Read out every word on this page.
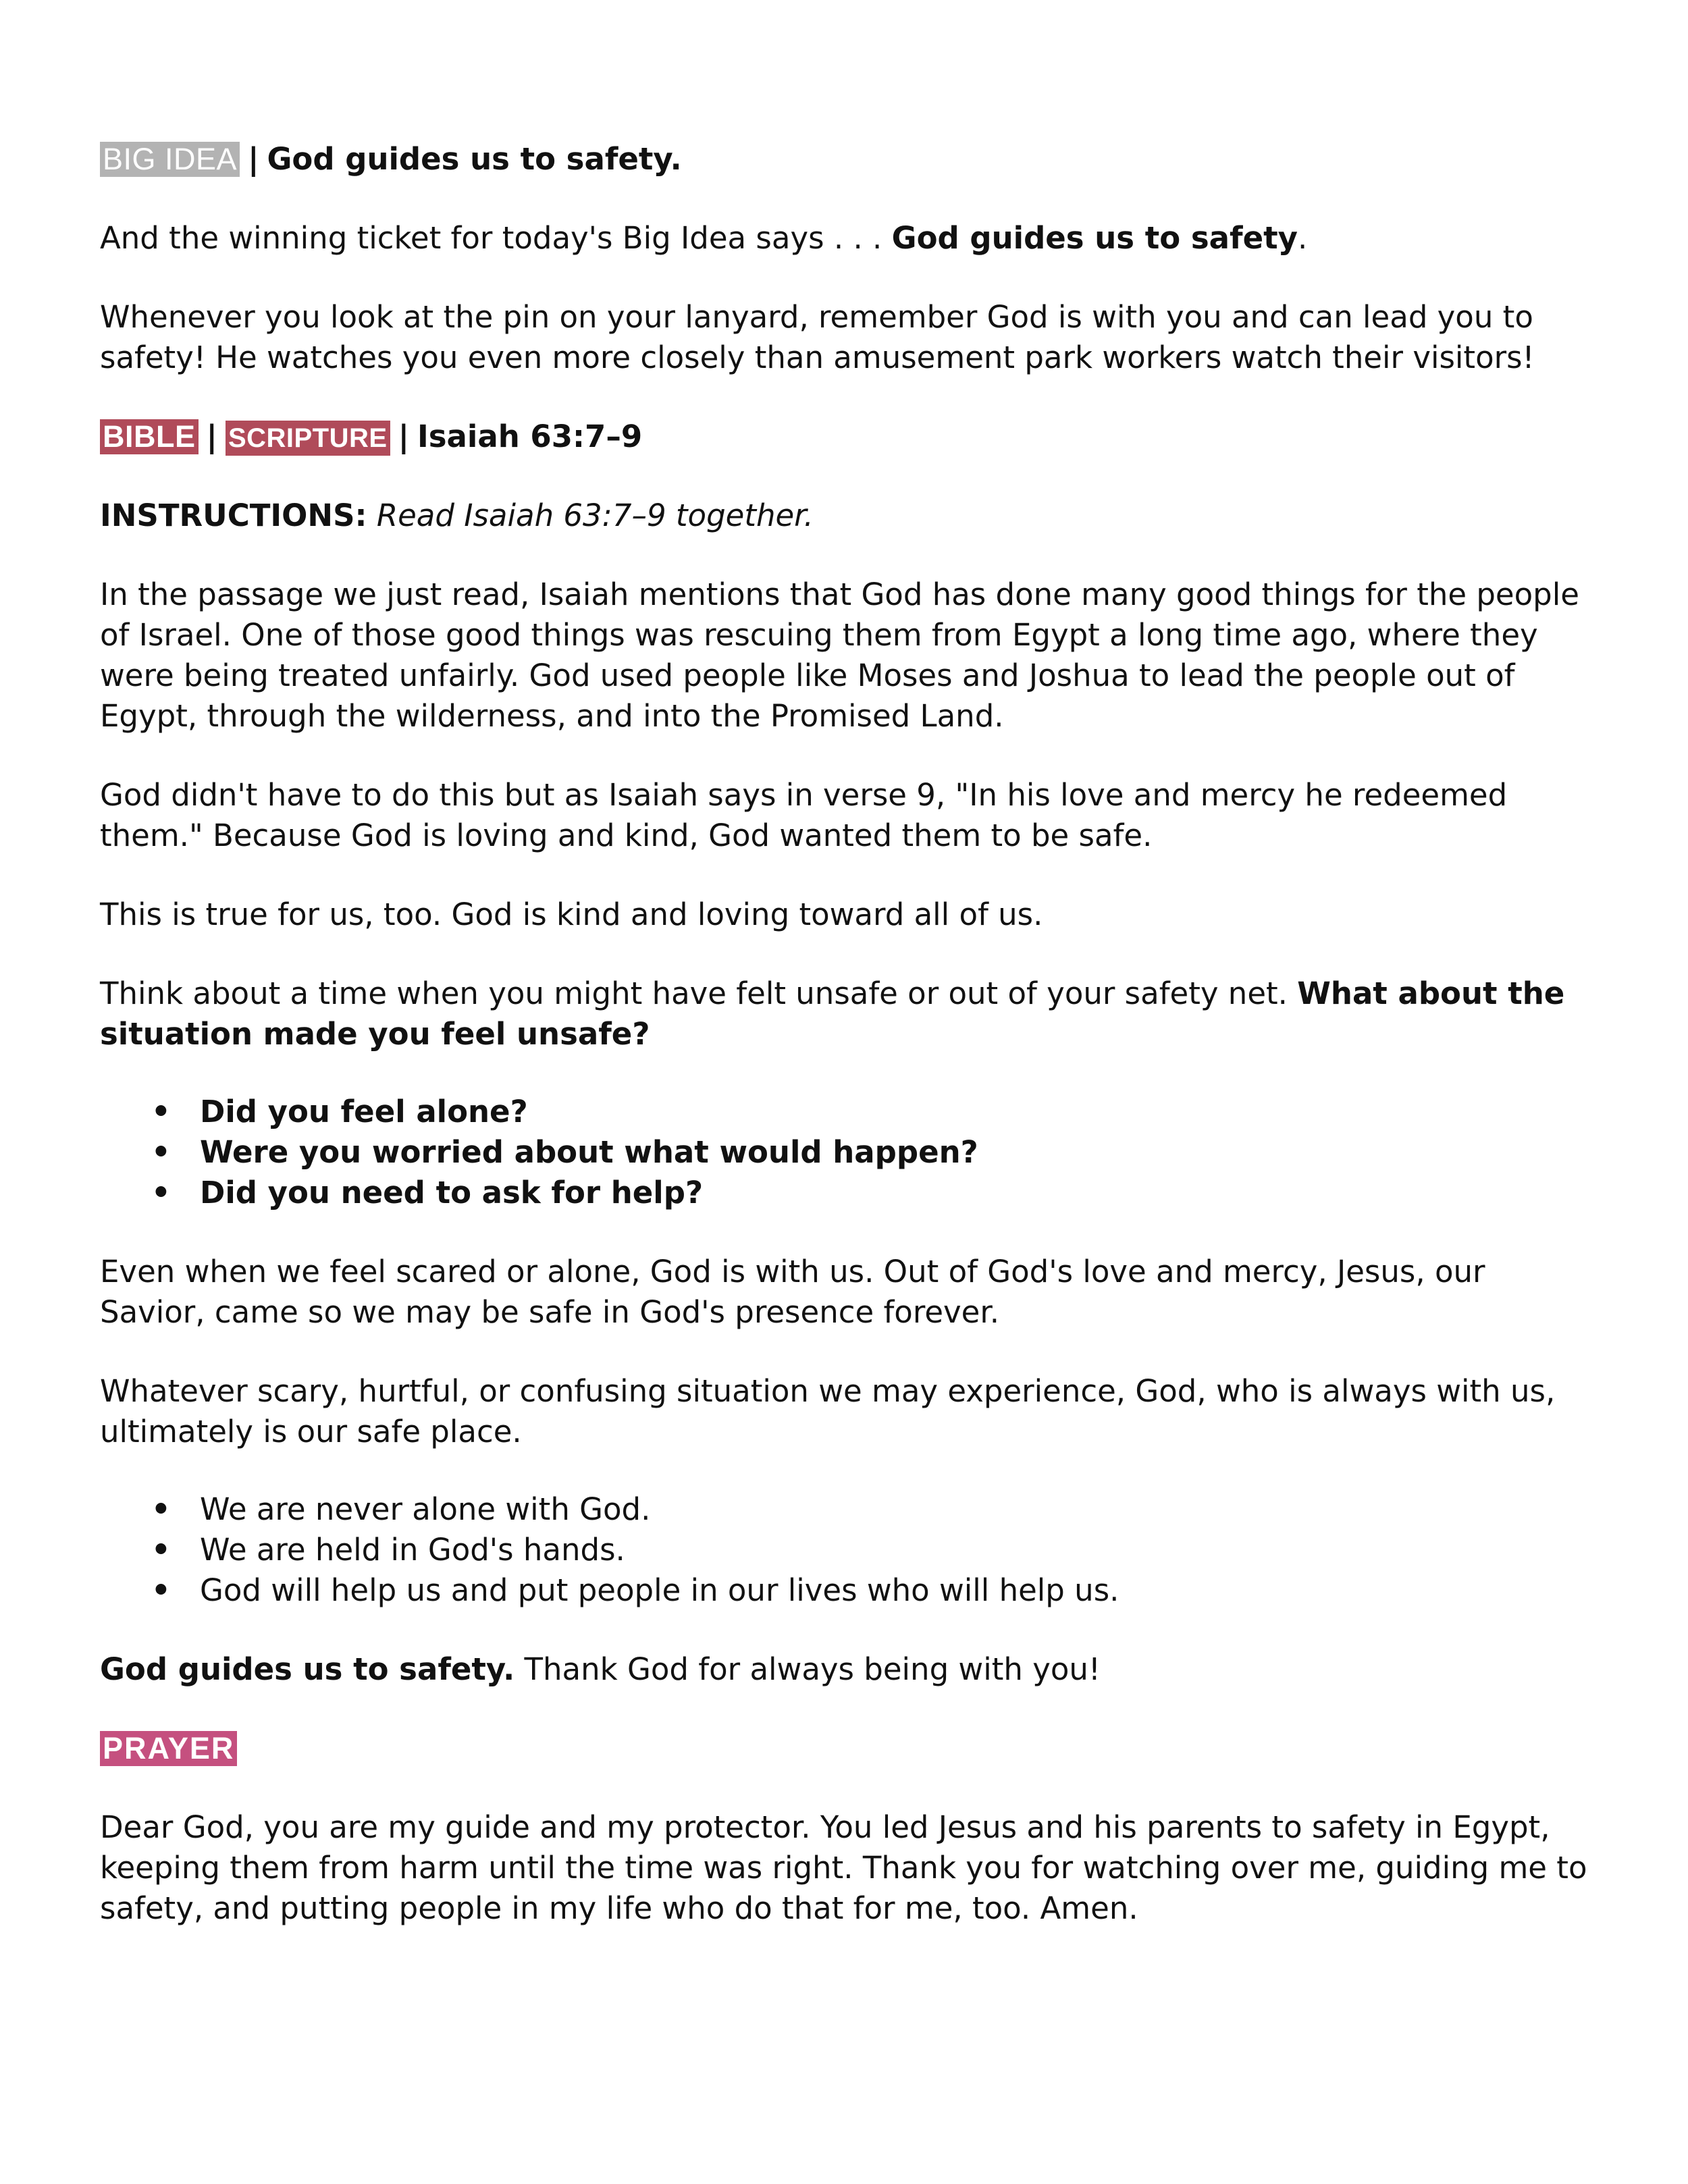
BIG IDEA | God guides us to safety.

And the winning ticket for today's Big Idea says . . . God guides us to safety.

Whenever you look at the pin on your lanyard, remember God is with you and can lead you to safety! He watches you even more closely than amusement park workers watch their visitors!

BIBLE | SCRIPTURE | Isaiah 63:7–9

INSTRUCTIONS: Read Isaiah 63:7–9 together.

In the passage we just read, Isaiah mentions that God has done many good things for the people of Israel. One of those good things was rescuing them from Egypt a long time ago, where they were being treated unfairly. God used people like Moses and Joshua to lead the people out of Egypt, through the wilderness, and into the Promised Land.

God didn't have to do this but as Isaiah says in verse 9, "In his love and mercy he redeemed them." Because God is loving and kind, God wanted them to be safe.

This is true for us, too. God is kind and loving toward all of us.

Think about a time when you might have felt unsafe or out of your safety net. What about the situation made you feel unsafe?

• Did you feel alone?
• Were you worried about what would happen?
• Did you need to ask for help?

Even when we feel scared or alone, God is with us. Out of God's love and mercy, Jesus, our Savior, came so we may be safe in God's presence forever.

Whatever scary, hurtful, or confusing situation we may experience, God, who is always with us, ultimately is our safe place.

• We are never alone with God.
• We are held in God's hands.
• God will help us and put people in our lives who will help us.

God guides us to safety. Thank God for always being with you!

PRAYER

Dear God, you are my guide and my protector. You led Jesus and his parents to safety in Egypt, keeping them from harm until the time was right. Thank you for watching over me, guiding me to safety, and putting people in my life who do that for me, too. Amen.
